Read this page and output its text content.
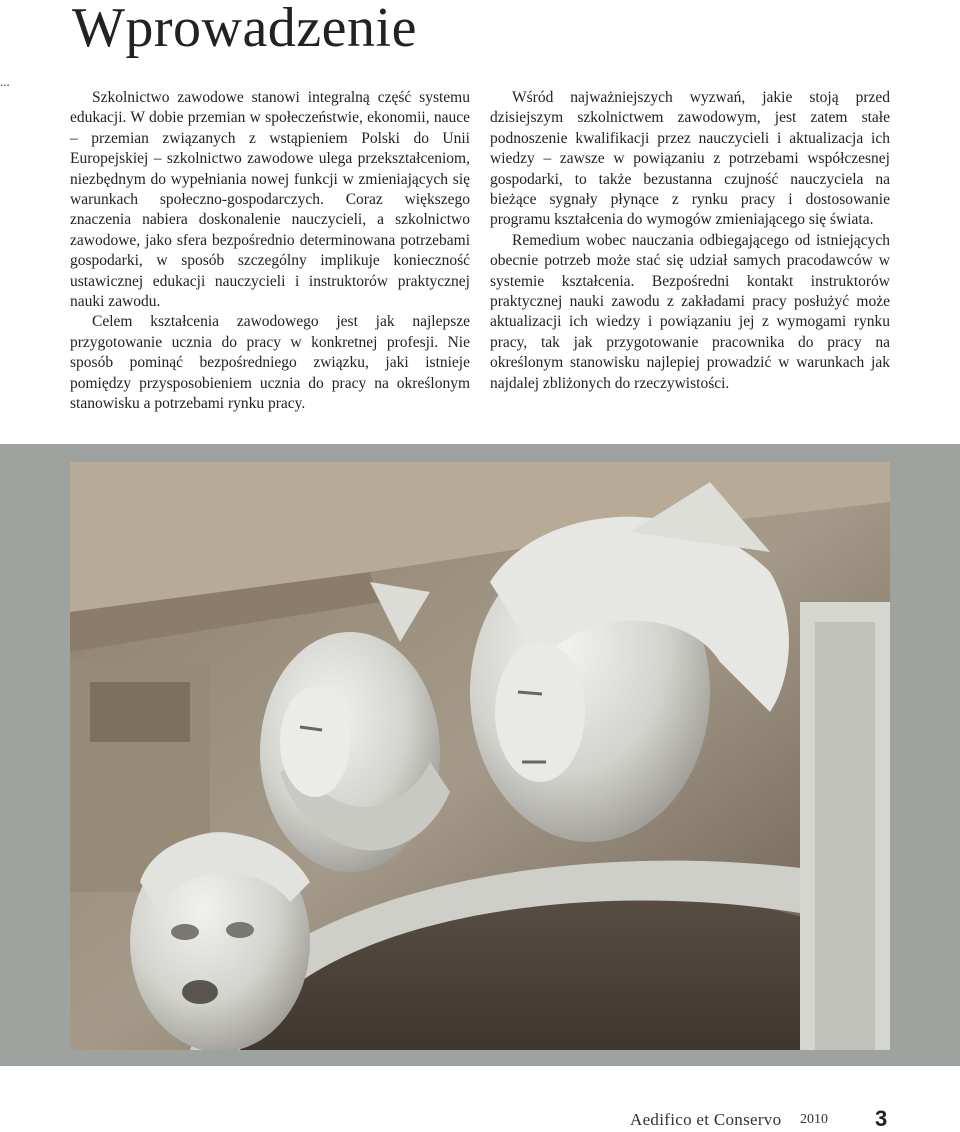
Wprowadzenie
...

Szkolnictwo zawodowe stanowi integralną część systemu edukacji. W dobie przemian w społeczeństwie, ekonomii, nauce – przemian związanych z wstąpieniem Polski do Unii Europejskiej – szkolnictwo zawodowe ulega przekształceniom, niezbędnym do wypełniania nowej funkcji w zmieniających się warunkach społeczno-gospodarczych. Coraz większego znaczenia nabiera doskonalenie nauczycieli, a szkolnictwo zawodowe, jako sfera bezpośrednio determinowana potrzebami gospodarki, w sposób szczególny implikuje konieczność ustawicznej edukacji nauczycieli i instruktorów praktycznej nauki zawodu.

Celem kształcenia zawodowego jest jak najlepsze przygotowanie ucznia do pracy w konkretnej profesji. Nie sposób pominąć bezpośredniego związku, jaki istnieje pomiędzy przysposobieniem ucznia do pracy na określonym stanowisku a potrzebami rynku pracy.

Wśród najważniejszych wyzwań, jakie stoją przed dzisiejszym szkolnictwem zawodowym, jest zatem stałe podnoszenie kwalifikacji przez nauczycieli i aktualizacja ich wiedzy – zawsze w powiązaniu z potrzebami współczesnej gospodarki, to także bezustanna czujność nauczyciela na bieżące sygnały płynące z rynku pracy i dostosowanie programu kształcenia do wymogów zmieniającego się świata.

Remedium wobec nauczania odbiegającego od istniejących obecnie potrzeb może stać się udział samych pracodawców w systemie kształcenia. Bezpośredni kontakt instruktorów praktycznej nauki zawodu z zakładami pracy posłużyć może aktualizacji ich wiedzy i powiązaniu jej z wymogami rynku pracy, tak jak przygotowanie pracownika do pracy na określonym stanowisku najlepiej prowadzić w warunkach jak najdalej zbliżonych do rzeczywistości.

Aedifico et Conservo 2010 3
